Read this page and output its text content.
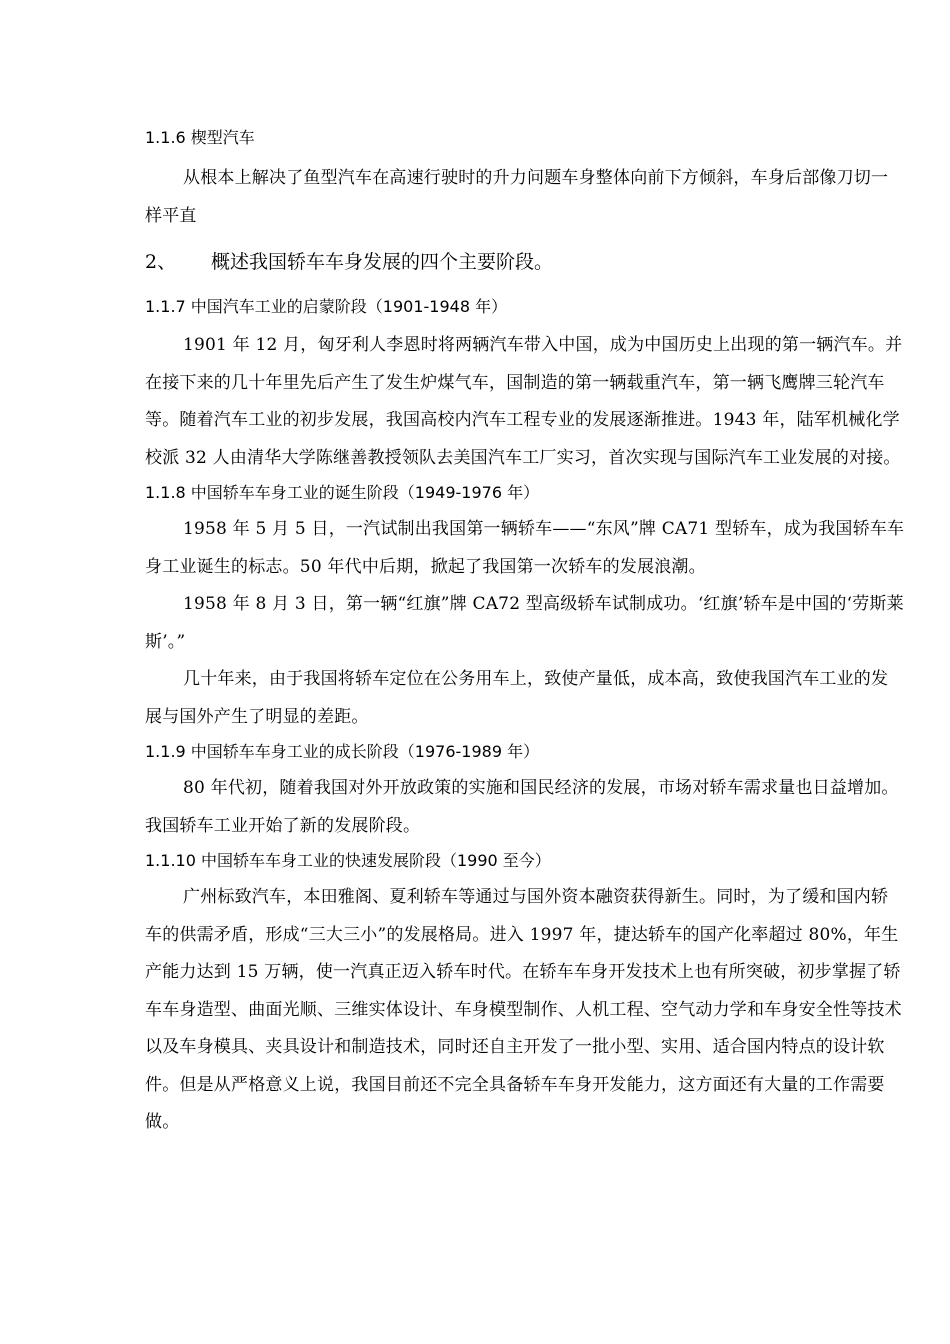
1.1.6 楔型汽车

从根本上解决了鱼型汽车在高速行驶时的升力问题车身整体向前下方倾斜，车身后部像刀切一样平直

2、 概述我国轿车车身发展的四个主要阶段。

1.1.7 中国汽车工业的启蒙阶段（1901-1948 年）

1901 年 12 月，匈牙利人李恩时将两辆汽车带入中国，成为中国历史上出现的第一辆汽车。并在接下来的几十年里先后产生了发生炉煤气车，国制造的第一辆载重汽车，第一辆飞鹰牌三轮汽车等。随着汽车工业的初步发展，我国高校内汽车工程专业的发展逐渐推进。1943 年，陆军机械化学校派 32 人由清华大学陈继善教授领队去美国汽车工厂实习，首次实现与国际汽车工业发展的对接。

1.1.8 中国轿车车身工业的诞生阶段（1949-1976 年）

1958 年 5 月 5 日，一汽试制出我国第一辆轿车——“东风”牌 CA71 型轿车，成为我国轿车车身工业诞生的标志。50 年代中后期，掀起了我国第一次轿车的发展浪潮。

1958 年 8 月 3 日，第一辆“红旗”牌 CA72 型高级轿车试制成功。‘红旗’轿车是中国的‘劳斯莱斯’。”

几十年来，由于我国将轿车定位在公务用车上，致使产量低，成本高，致使我国汽车工业的发展与国外产生了明显的差距。

1.1.9 中国轿车车身工业的成长阶段（1976-1989 年）

80 年代初，随着我国对外开放政策的实施和国民经济的发展，市场对轿车需求量也日益增加。我国轿车工业开始了新的发展阶段。

1.1.10 中国轿车车身工业的快速发展阶段（1990 至今）

广州标致汽车，本田雅阁、夏利轿车等通过与国外资本融资获得新生。同时，为了缓和国内轿车的供需矛盾，形成“三大三小”的发展格局。进入 1997 年，捷达轿车的国产化率超过 80%，年生产能力达到 15 万辆，使一汽真正迈入轿车时代。在轿车车身开发技术上也有所突破，初步掌握了轿车车身造型、曲面光顺、三维实体设计、车身模型制作、人机工程、空气动力学和车身安全性等技术以及车身模具、夹具设计和制造技术，同时还自主开发了一批小型、实用、适合国内特点的设计软件。但是从严格意义上说，我国目前还不完全具备轿车车身开发能力，这方面还有大量的工作需要做。
